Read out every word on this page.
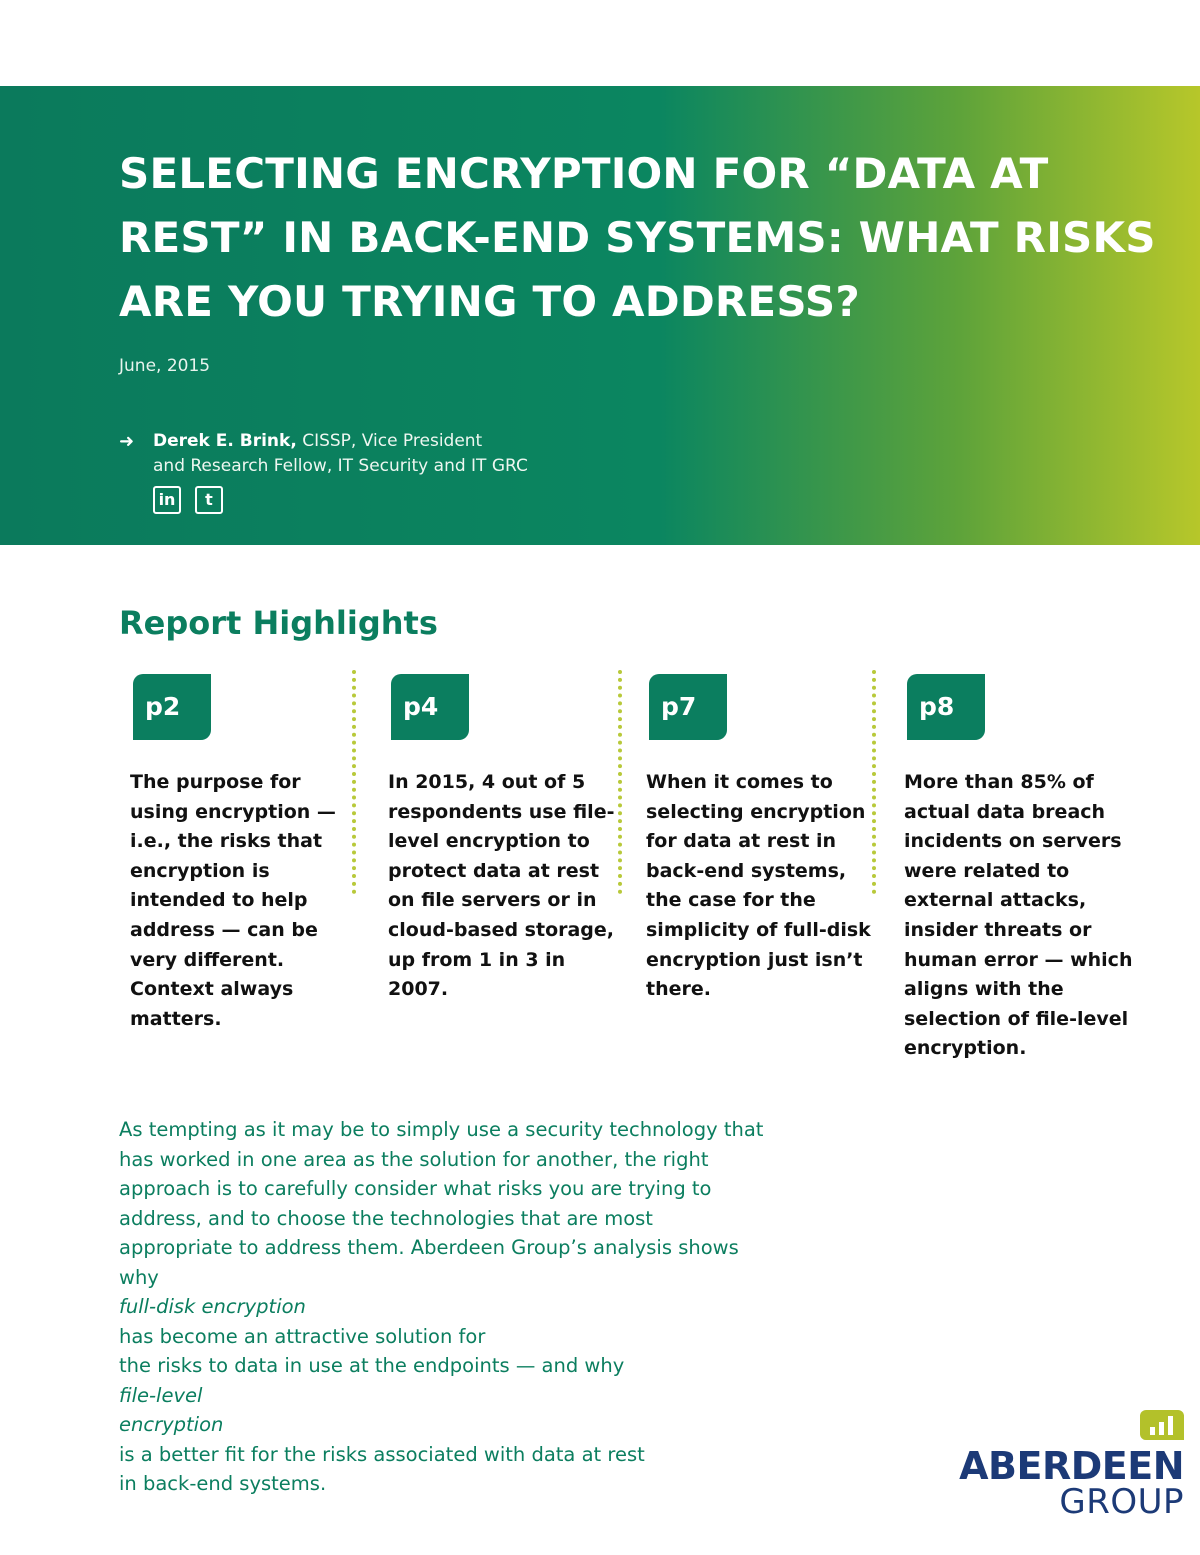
SELECTING ENCRYPTION FOR “DATA AT
REST” IN BACK-END SYSTEMS: WHAT RISKS
ARE YOU TRYING TO ADDRESS?
June, 2015
➜ Derek E. Brink, CISSP, Vice President
and Research Fellow, IT Security and IT GRC
in	t
Report Highlights
p2
The purpose for
using encryption —
i.e., the risks that
encryption is
intended to help
address — can be
very different.
Context always
matters.
p4
In 2015, 4 out of 5
respondents use file-
level encryption to
protect data at rest
on file servers or in
cloud-based storage,
up from 1 in 3 in
2007.
p7
When it comes to
selecting encryption
for data at rest in
back-end systems,
the case for the
simplicity of full-disk
encryption just isn’t
there.
p8
More than 85% of
actual data breach
incidents on servers
were related to
external attacks,
insider threats or
human error — which
aligns with the
selection of file-level
encryption.

As tempting as it may be to simply use a security technology that
has worked in one area as the solution for another, the right
approach is to carefully consider what risks you are trying to
address, and to choose the technologies that are most
appropriate to address them. Aberdeen Group’s analysis shows
why
full-disk encryption
has become an attractive solution for
the risks to data in use at the endpoints — and why
file-level
encryption
is a better fit for the risks associated with data at rest
in back-end systems.	ABERDEEN
GROUP
